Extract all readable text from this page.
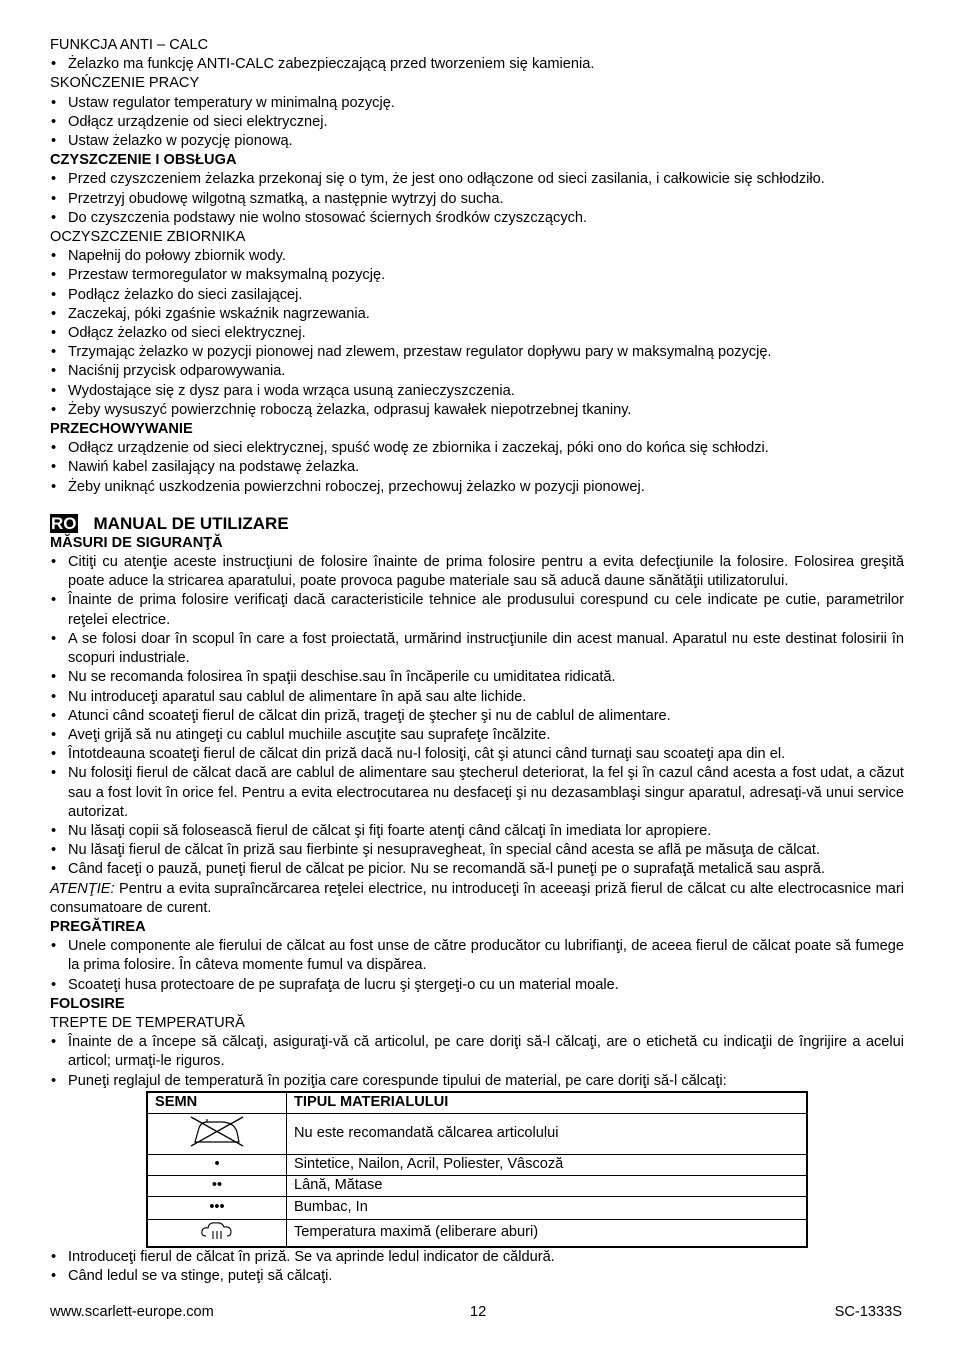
FUNKCJA ANTI – CALC

• Żelazko ma funkcję ANTI-CALC zabezpieczającą przed tworzeniem się kamienia.

SKOŃCZENIE PRACY

• Ustaw regulator temperatury w minimalną pozycję.
• Odłącz urządzenie od sieci elektrycznej.
• Ustaw żelazko w pozycję pionową.

CZYSZCZENIE I OBSŁUGA

• Przed czyszczeniem żelazka przekonaj się o tym, że jest ono odłączone od sieci zasilania, i całkowicie się schłodziło.
• Przetrzyj obudowę wilgotną szmatką, a następnie wytrzyj do sucha.
• Do czyszczenia podstawy nie wolno stosować ściernych środków czyszczących.

OCZYSZCZENIE ZBIORNIKA

• Napełnij do połowy zbiornik wody.
• Przestaw termoregulator w maksymalną pozycję.
• Podłącz żelazko do sieci zasilającej.
• Zaczekaj, póki zgaśnie wskaźnik nagrzewania.
• Odłącz żelazko od sieci elektrycznej.
• Trzymając żelazko w pozycji pionowej nad zlewem, przestaw regulator dopływu pary w maksymalną pozycję.
• Naciśnij przycisk odparowywania.
• Wydostające się z dysz para i woda wrząca usuną zanieczyszczenia.
• Żeby wysuszyć powierzchnię roboczą żelazka, odprasuj kawałek niepotrzebnej tkaniny.

PRZECHOWYWANIE

• Odłącz urządzenie od sieci elektrycznej, spuść wodę ze zbiornika i zaczekaj, póki ono do końca się schłodzi.
• Nawiń kabel zasilający na podstawę żelazka.
• Żeby uniknąć uszkodzenia powierzchni roboczej, przechowuj żelazko w pozycji pionowej.
RO MANUAL DE UTILIZARE

MĂSURI DE SIGURANŢĂ

• Citiţi cu atenţie aceste instrucţiuni de folosire înainte de prima folosire pentru a evita defecţiunile la folosire. Folosirea greşită poate aduce la stricarea aparatului, poate provoca pagube materiale sau să aducă daune sănătăţii utilizatorului.
• Înainte de prima folosire verificaţi dacă caracteristicile tehnice ale produsului corespund cu cele indicate pe cutie, parametrilor reţelei electrice.
• A se folosi doar în scopul în care a fost proiectată, urmărind instrucţiunile din acest manual. Aparatul nu este destinat folosirii în scopuri industriale.
• Nu se recomanda folosirea în spaţii deschise.sau în încăperile cu umiditatea ridicată.
• Nu introduceţi aparatul sau cablul de alimentare în apă sau alte lichide.
• Atunci când scoateţi fierul de călcat din priză, trageţi de ştecher şi nu de cablul de alimentare.
• Aveţi grijă să nu atingeţi cu cablul muchiile ascuţite sau suprafeţe încălzite.
• Întotdeauna scoateţi fierul de călcat din priză dacă nu-l folosiţi, cât şi atunci când turnaţi sau scoateţi apa din el.
• Nu folosiţi fierul de călcat dacă are cablul de alimentare sau ştecherul deteriorat, la fel şi în cazul când acesta a fost udat, a căzut sau a fost lovit în orice fel. Pentru a evita electrocutarea nu desfaceţi şi nu dezasamblaşi singur aparatul, adresaţi-vă unui service autorizat.
• Nu lăsaţi copii să folosească fierul de călcat şi fiţi foarte atenţi când călcaţi în imediata lor apropiere.
• Nu lăsaţi fierul de călcat în priză sau fierbinte şi nesupravegheat, în special când acesta se află pe măsuţa de călcat.
• Când faceţi o pauză, puneţi fierul de călcat pe picior. Nu se recomandă să-l puneţi pe o suprafaţă metalică sau aspră.

ATENŢIE: Pentru a evita supraîncărcarea reţelei electrice, nu introduceţi în aceeaşi priză fierul de călcat cu alte electrocasnice mari consumatoare de curent.

PREGĂTIREA

• Unele componente ale fierului de călcat au fost unse de către producător cu lubrifianţi, de aceea fierul de călcat poate să fumege la prima folosire. În câteva momente fumul va dispărea.
• Scoateţi husa protectoare de pe suprafaţa de lucru şi ştergeţi-o cu un material moale.

FOLOSIRE

TREPTE DE TEMPERATURĂ

• Înainte de a începe să călcaţi, asiguraţi-vă că articolul, pe care doriţi să-l călcaţi, are o etichetă cu indicaţii de îngrijire a acelui articol; urmaţi-le riguros.
• Puneţi reglajul de temperatură în poziţia care corespunde tipului de material, pe care doriţi să-l călcaţi:
SEMN	TIPUL MATERIALULUI
	Nu este recomandată călcarea articolului
•	Sintetice, Nailon, Acril, Poliester, Vâscoză
••	Lână, Mătase
•••	Bumbac, In
	Temperatura maximă (eliberare aburi)
• Introduceţi fierul de călcat în priză. Se va aprinde ledul indicator de căldură.
• Când ledul se va stinge, puteţi să călcaţi.
www.scarlett-europe.com	12	SC-1333S
